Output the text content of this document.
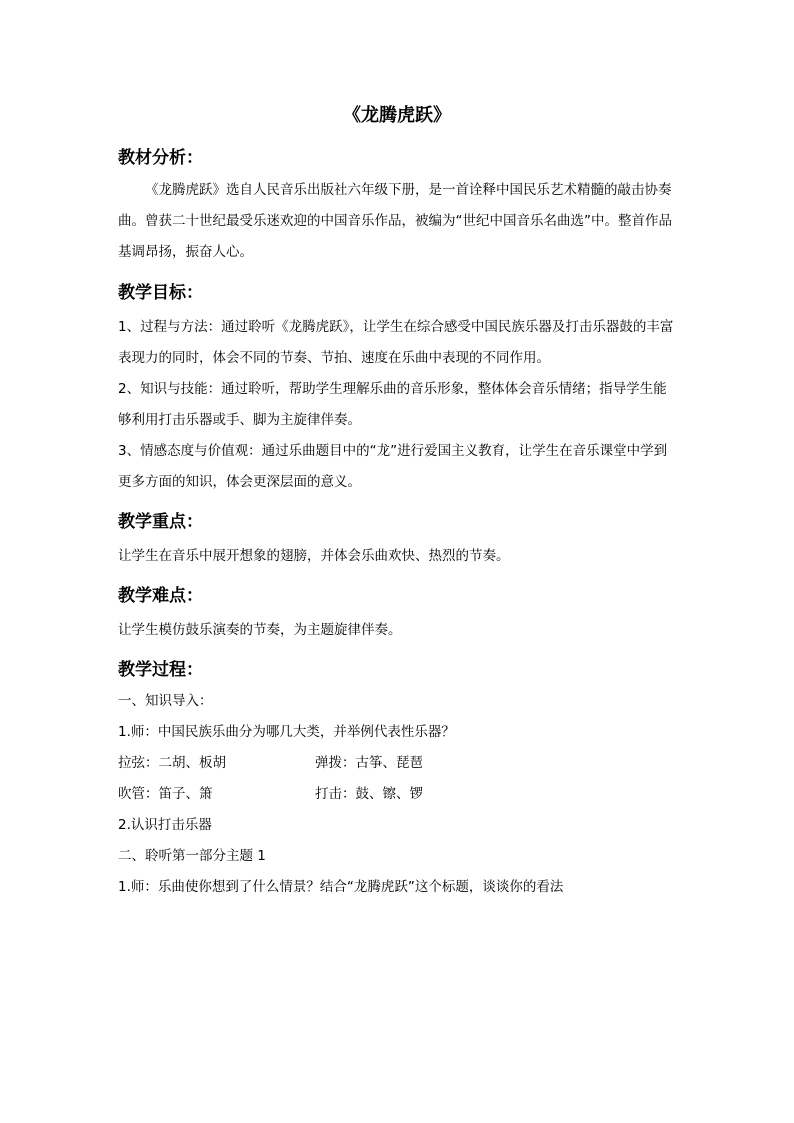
《龙腾虎跃》
教材分析：

《龙腾虎跃》选自人民音乐出版社六年级下册，是一首诠释中国民乐艺术精髓的敲击协奏曲。曾获二十世纪最受乐迷欢迎的中国音乐作品，被编为“世纪中国音乐名曲选”中。整首作品基调昂扬，振奋人心。

教学目标：

1、过程与方法：通过聆听《龙腾虎跃》，让学生在综合感受中国民族乐器及打击乐器鼓的丰富表现力的同时，体会不同的节奏、节拍、速度在乐曲中表现的不同作用。

2、知识与技能：通过聆听，帮助学生理解乐曲的音乐形象，整体体会音乐情绪；指导学生能够利用打击乐器或手、脚为主旋律伴奏。

3、情感态度与价值观：通过乐曲题目中的“龙”进行爱国主义教育，让学生在音乐课堂中学到更多方面的知识，体会更深层面的意义。

教学重点：

让学生在音乐中展开想象的翅膀，并体会乐曲欢快、热烈的节奏。

教学难点：

让学生模仿鼓乐演奏的节奏，为主题旋律伴奏。

教学过程：

一、知识导入：

1.师：中国民族乐曲分为哪几大类，并举例代表性乐器？

拉弦：二胡、板胡	弹拨：古筝、琵琶
吹管：笛子、箫	打击：鼓、镲、锣

2.认识打击乐器

二、聆听第一部分主题 1

1.师：乐曲使你想到了什么情景？结合“龙腾虎跃”这个标题，谈谈你的看法
